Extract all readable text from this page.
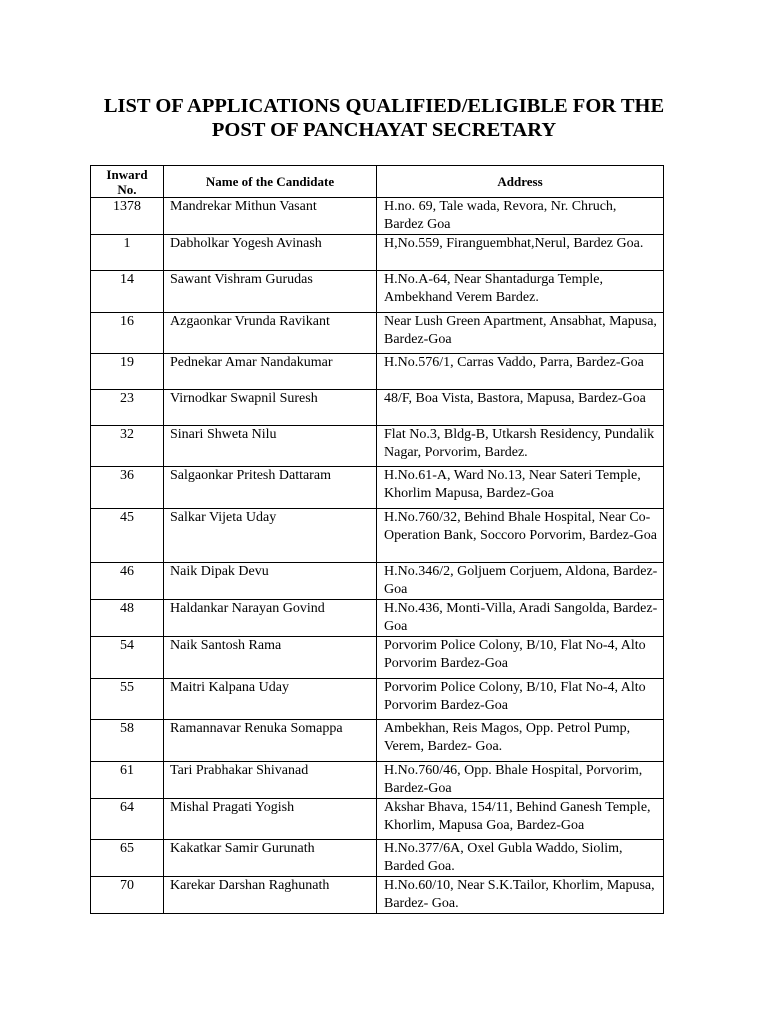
LIST OF APPLICATIONS QUALIFIED/ELIGIBLE FOR THE
POST OF PANCHAYAT SECRETARY
Inward No.	Name of the Candidate	Address
1378	Mandrekar Mithun Vasant	H.no. 69, Tale wada, Revora, Nr. Chruch, Bardez Goa
1	Dabholkar Yogesh Avinash	H,No.559, Firanguembhat,Nerul, Bardez Goa.
14	Sawant Vishram Gurudas	H.No.A-64, Near Shantadurga Temple, Ambekhand Verem Bardez.
16	Azgaonkar Vrunda Ravikant	Near Lush Green Apartment, Ansabhat, Mapusa, Bardez-Goa
19	Pednekar Amar Nandakumar	H.No.576/1, Carras Vaddo, Parra, Bardez-Goa
23	Virnodkar Swapnil Suresh	48/F, Boa Vista, Bastora, Mapusa, Bardez-Goa
32	Sinari Shweta Nilu	Flat No.3, Bldg-B, Utkarsh Residency, Pundalik Nagar, Porvorim, Bardez.
36	Salgaonkar Pritesh Dattaram	H.No.61-A, Ward No.13, Near Sateri Temple, Khorlim Mapusa, Bardez-Goa
45	Salkar Vijeta Uday	H.No.760/32, Behind Bhale Hospital, Near Co-Operation Bank, Soccoro Porvorim, Bardez-Goa
46	Naik Dipak Devu	H.No.346/2, Goljuem Corjuem, Aldona, Bardez-Goa
48	Haldankar Narayan Govind	H.No.436, Monti-Villa, Aradi Sangolda, Bardez-Goa
54	Naik Santosh Rama	Porvorim Police Colony, B/10, Flat No-4, Alto Porvorim Bardez-Goa
55	Maitri Kalpana Uday	Porvorim Police Colony, B/10, Flat No-4, Alto Porvorim Bardez-Goa
58	Ramannavar Renuka Somappa	Ambekhan, Reis Magos, Opp. Petrol Pump, Verem, Bardez- Goa.
61	Tari Prabhakar Shivanad	H.No.760/46, Opp. Bhale Hospital, Porvorim, Bardez-Goa
64	Mishal Pragati Yogish	Akshar Bhava, 154/11, Behind Ganesh Temple, Khorlim, Mapusa Goa, Bardez-Goa
65	Kakatkar Samir Gurunath	H.No.377/6A, Oxel Gubla Waddo, Siolim, Barded Goa.
70	Karekar Darshan Raghunath	H.No.60/10, Near S.K.Tailor, Khorlim, Mapusa, Bardez- Goa.
